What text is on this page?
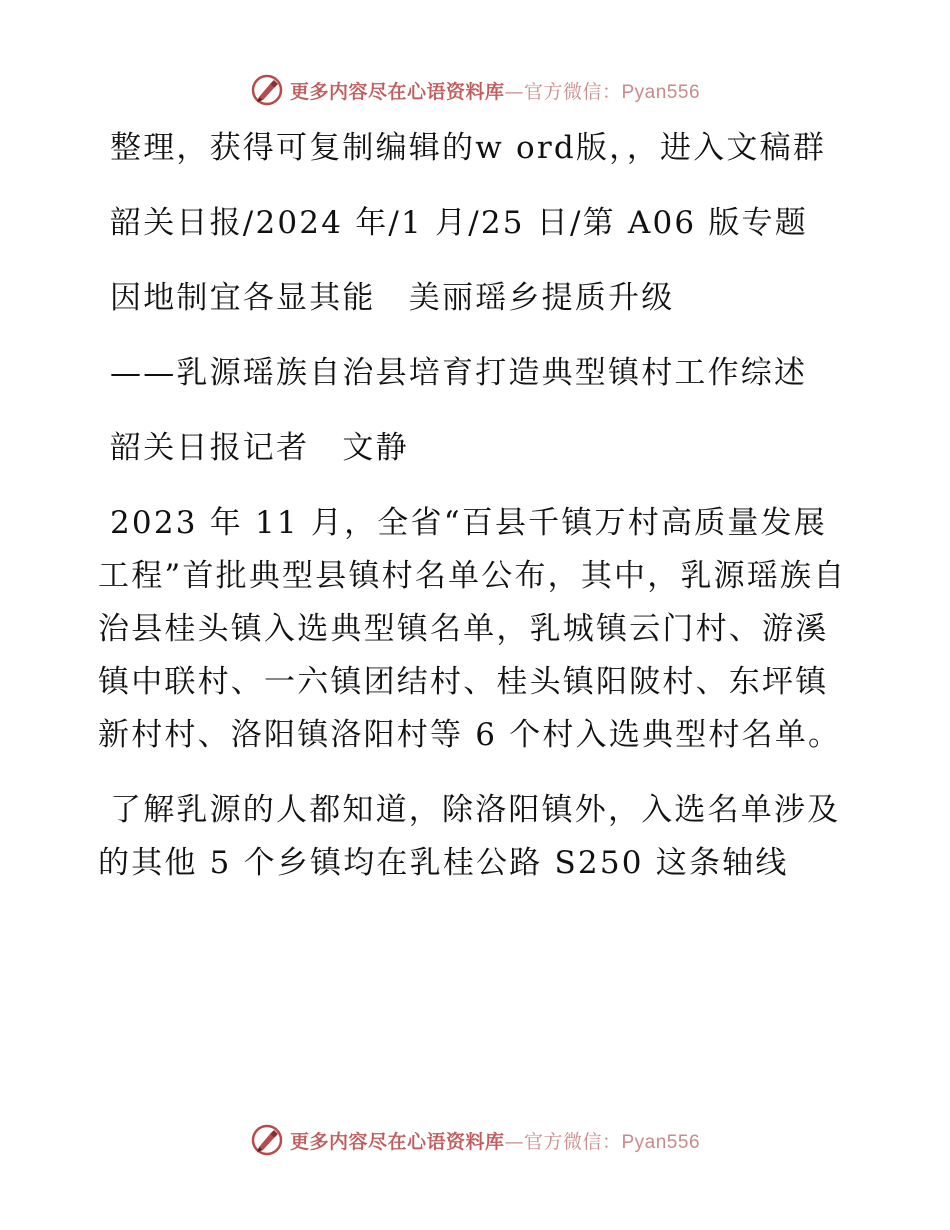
更多内容尽在心语资料库—官方微信：Pyan556

整理，获得可复制编辑的w ord版，，进入文稿群

韶关日报/2024 年/1 月/25 日/第 A06 版专题

因地制宜各显其能　美丽瑶乡提质升级

——乳源瑶族自治县培育打造典型镇村工作综述

韶关日报记者　文静

2023 年 11 月，全省“百县千镇万村高质量发展工程”首批典型县镇村名单公布，其中，乳源瑶族自治县桂头镇入选典型镇名单，乳城镇云门村、游溪镇中联村、一六镇团结村、桂头镇阳陂村、东坪镇新村村、洛阳镇洛阳村等 6 个村入选典型村名单。

了解乳源的人都知道，除洛阳镇外，入选名单涉及的其他 5 个乡镇均在乳桂公路 S250 这条轴线

更多内容尽在心语资料库—官方微信：Pyan556
